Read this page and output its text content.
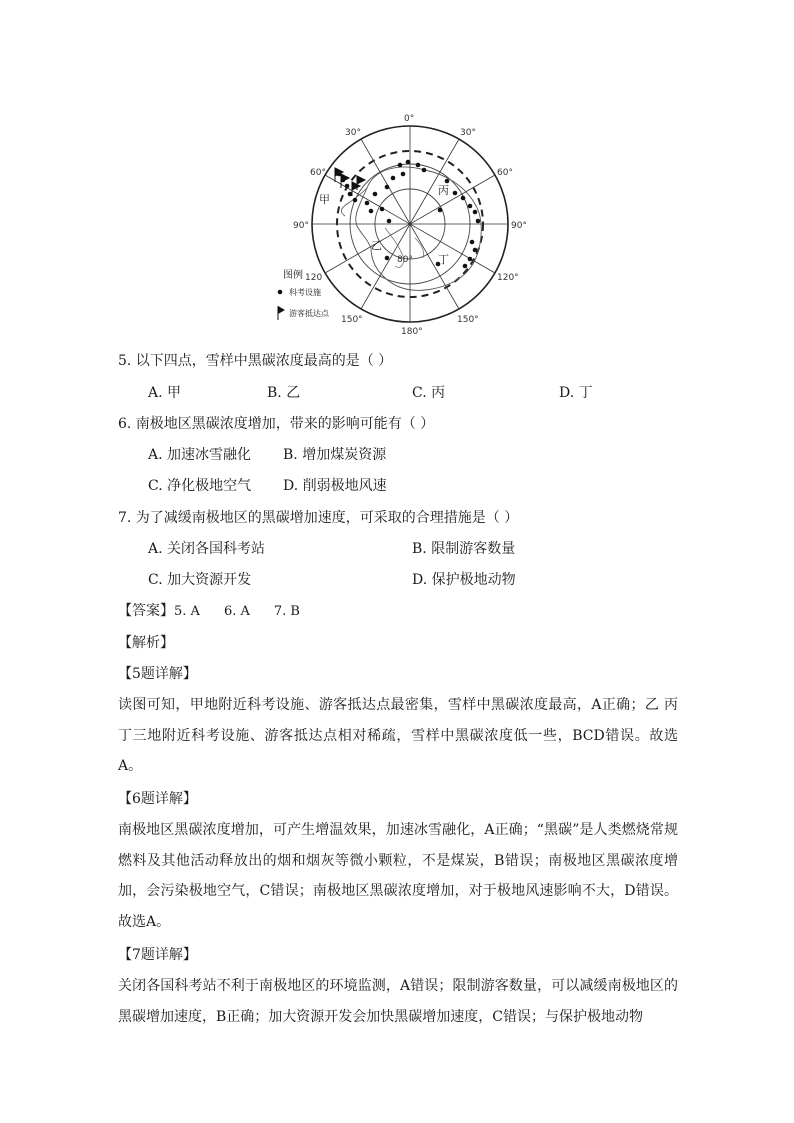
0°
30°	30°
60°	60°
90°	90°
120	120°
150°	150°
180°
80°
甲
乙
丙
丁
图例
科考设施
游客抵达点
5. 以下四点，雪样中黑碳浓度最高的是（ ）
A. 甲	B. 乙	C. 丙	D. 丁
6. 南极地区黑碳浓度增加，带来的影响可能有（ ）
A. 加速冰雪融化 B. 增加煤炭资源
C. 净化极地空气 D. 削弱极地风速
7. 为了减缓南极地区的黑碳增加速度，可采取的合理措施是（ ）
A. 关闭各国科考站	B. 限制游客数量
C. 加大资源开发	D. 保护极地动物
【答案】5. A 6. A 7. B
【解析】
【5题详解】
读图可知，甲地附近科考设施、游客抵达点最密集，雪样中黑碳浓度最高，A正确；乙 丙丁三地附近科考设施、游客抵达点相对稀疏，雪样中黑碳浓度低一些，BCD错误。故选A。
【6题详解】
南极地区黑碳浓度增加，可产生增温效果，加速冰雪融化，A正确；“黑碳”是人类燃烧常规燃料及其他活动释放出的烟和烟灰等微小颗粒，不是煤炭，B错误；南极地区黑碳浓度增加，会污染极地空气，C错误；南极地区黑碳浓度增加，对于极地风速影响不大，D错误。故选A。
【7题详解】
关闭各国科考站不利于南极地区的环境监测，A错误；限制游客数量，可以减缓南极地区的黑碳增加速度，B正确；加大资源开发会加快黑碳增加速度，C错误；与保护极地动物
